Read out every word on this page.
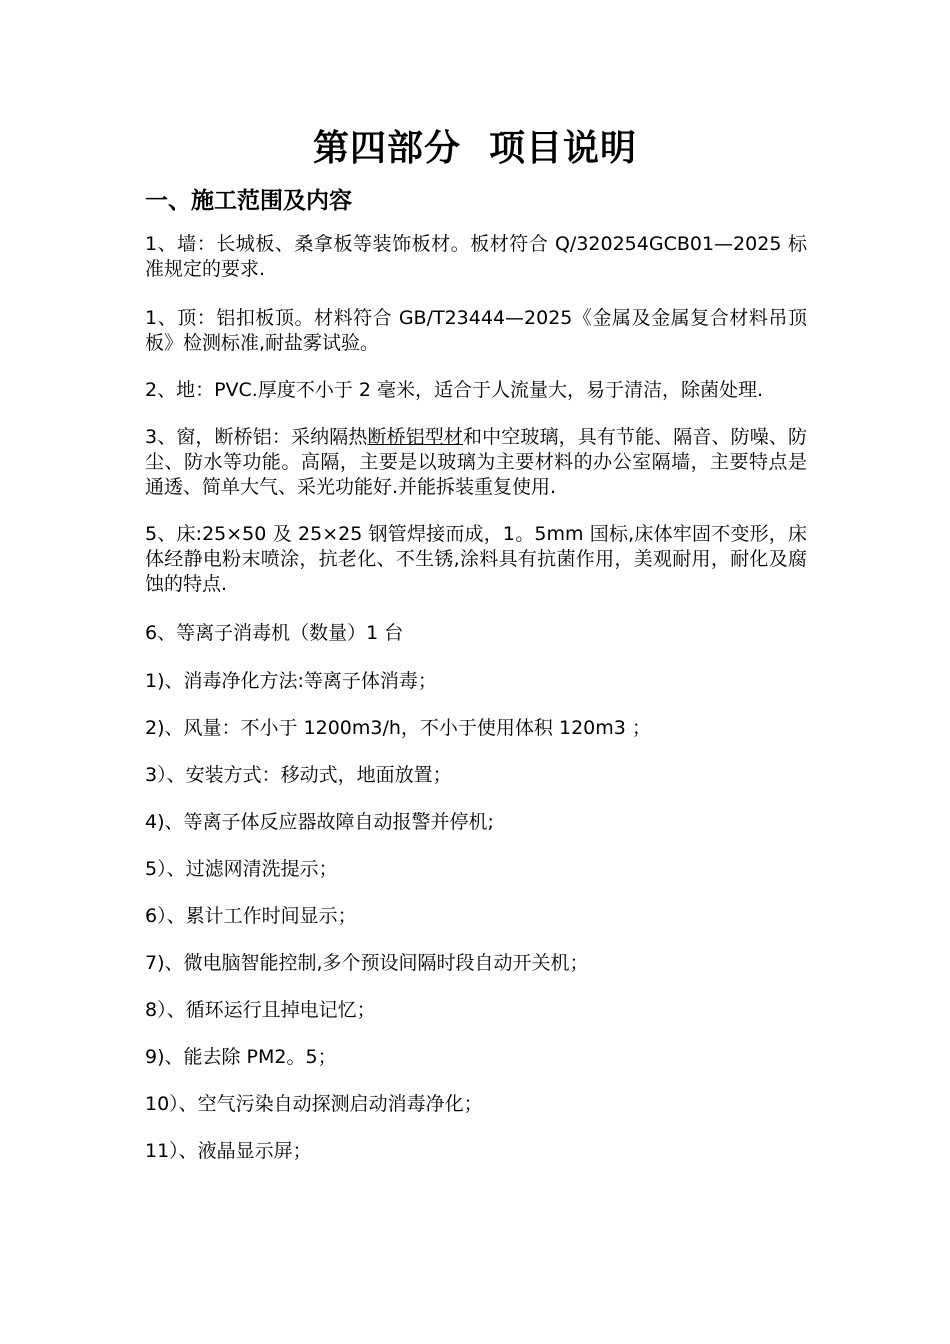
第四部分 项目说明
一、施工范围及内容

1、墙：长城板、桑拿板等装饰板材。板材符合 Q/320254GCB01—2025 标准规定的要求.

1、顶：铝扣板顶。材料符合 GB/T23444—2025《金属及金属复合材料吊顶板》检测标准,耐盐雾试验。

2、地：PVC.厚度不小于 2 毫米，适合于人流量大，易于清洁，除菌处理.

3、窗，断桥铝：采纳隔热断桥铝型材和中空玻璃，具有节能、隔音、防噪、防尘、防水等功能。高隔，主要是以玻璃为主要材料的办公室隔墙，主要特点是通透、简单大气、采光功能好.并能拆装重复使用.

5、床:25×50 及 25×25 钢管焊接而成，1。5mm 国标,床体牢固不变形，床体经静电粉末喷涂，抗老化、不生锈,涂料具有抗菌作用，美观耐用，耐化及腐蚀的特点.

6、等离子消毒机（数量）1 台

1)、消毒净化方法:等离子体消毒；

2)、风量：不小于 1200m3/h，不小于使用体积 120m3 ；

3）、安装方式：移动式，地面放置；

4)、等离子体反应器故障自动报警并停机;

5）、过滤网清洗提示；

6）、累计工作时间显示；

7)、微电脑智能控制,多个预设间隔时段自动开关机；

8）、循环运行且掉电记忆；

9)、能去除 PM2。5；

10）、空气污染自动探测启动消毒净化；

11）、液晶显示屏；
